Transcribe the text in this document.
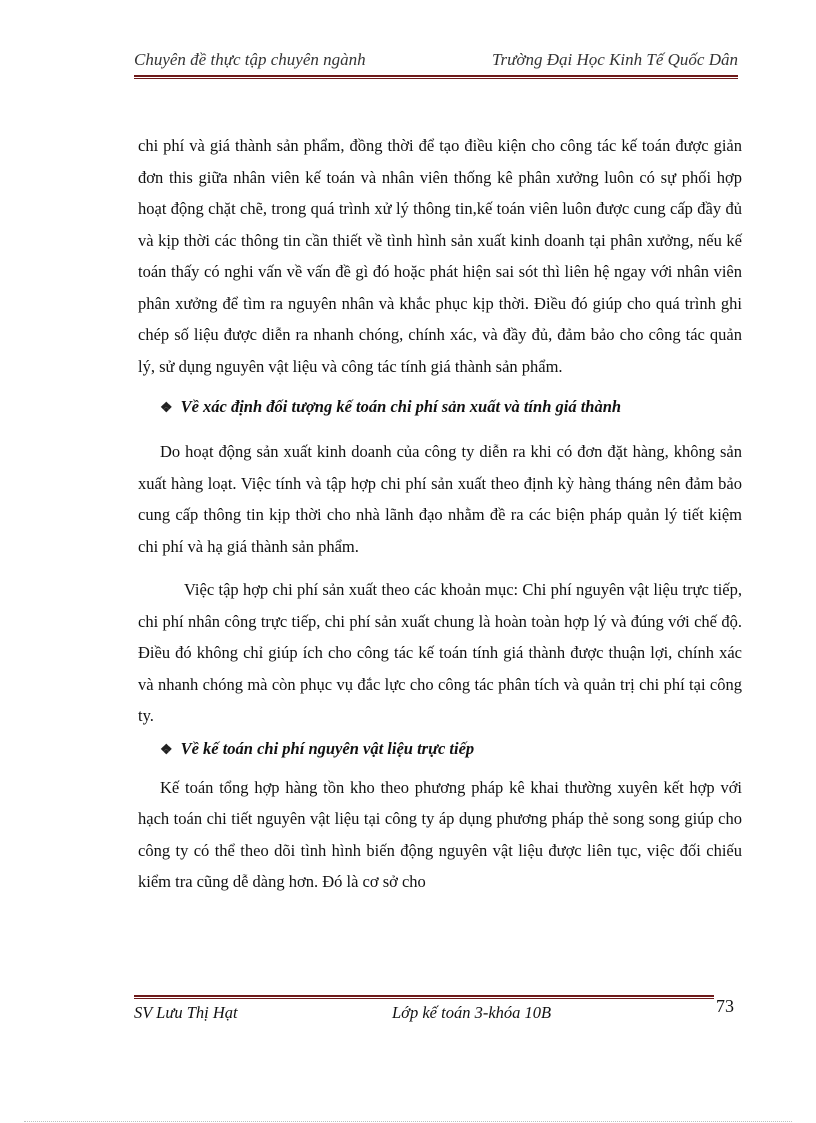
Chuyên đề thực tập chuyên ngành	Trường Đại Học Kinh Tế Quốc Dân

chi phí và giá thành sản phẩm, đồng thời để tạo điều kiện cho công tác kế toán được giản đơn this giữa nhân viên kế toán và nhân viên thống kê phân xưởng luôn có sự phối hợp hoạt động chặt chẽ, trong quá trình xử lý thông tin,kế toán viên luôn được cung cấp đầy đủ và kịp thời các thông tin cần thiết về tình hình sản xuất kinh doanh tại phân xưởng, nếu kế toán thấy có nghi vấn về vấn đề gì đó hoặc phát hiện sai sót thì liên hệ ngay với nhân viên phân xưởng để tìm ra nguyên nhân và khắc phục kịp thời. Điều đó giúp cho quá trình ghi chép số liệu được diễn ra nhanh chóng, chính xác, và đầy đủ, đảm bảo cho công tác quản lý, sử dụng nguyên vật liệu và công tác tính giá thành sản phẩm.

❖ Về xác định đối tượng kế toán chi phí sản xuất và tính giá thành

Do hoạt động sản xuất kinh doanh của công ty diễn ra khi có đơn đặt hàng, không sản xuất hàng loạt. Việc tính và tập hợp chi phí sản xuất theo định kỳ hàng tháng nên đảm bảo cung cấp thông tin kịp thời cho nhà lãnh đạo nhằm đề ra các biện pháp quản lý tiết kiệm chi phí và hạ giá thành sản phẩm.

Việc tập hợp chi phí sản xuất theo các khoản mục: Chi phí nguyên vật liệu trực tiếp, chi phí nhân công trực tiếp, chi phí sản xuất chung là hoàn toàn hợp lý và đúng với chế độ. Điều đó không chỉ giúp ích cho công tác kế toán tính giá thành được thuận lợi, chính xác và nhanh chóng mà còn phục vụ đắc lực cho công tác phân tích và quản trị chi phí tại công ty.

❖ Về kế toán chi phí nguyên vật liệu trực tiếp

Kế toán tổng hợp hàng tồn kho theo phương pháp kê khai thường xuyên kết hợp với hạch toán chi tiết nguyên vật liệu tại công ty áp dụng phương pháp thẻ song song giúp cho công ty có thể theo dõi tình hình biến động nguyên vật liệu được liên tục, việc đối chiếu kiểm tra cũng dễ dàng hơn. Đó là cơ sở cho

SV Lưu Thị Hạt	Lớp kế toán 3-khóa 10B	73
